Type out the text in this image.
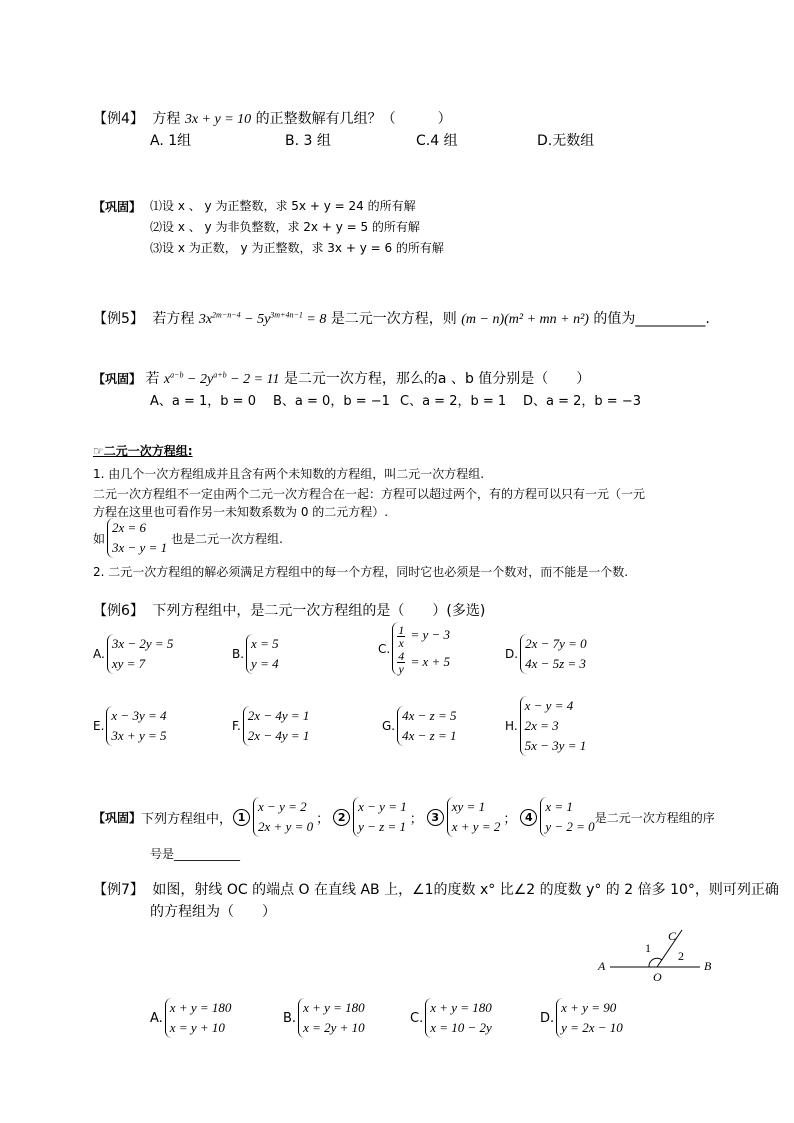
【例4】 方程 3x + y = 10 的正整数解有几组？（　　　）
A. 1组	B. 3 组	C.4 组	D.无数组
【巩固】 ⑴设 x 、 y 为正整数，求 5x + y = 24 的所有解
⑵设 x 、 y 为非负整数，求 2x + y = 5 的所有解
⑶设 x 为正数， y 为正整数，求 3x + y = 6 的所有解
【例5】 若方程 $3x^{2m-n-4} - 5y^{3m+4n-1} = 8$ 是二元一次方程，则 (m − n)(m² + mn + n²) 的值为__________.
【巩固】 若 $x^{a-b} - 2y^{a+b} - 2 = 11$ 是二元一次方程，那么的a 、b 值分别是（　　）
A、a = 1，b = 0 B、a = 0，b = −1 C、a = 2，b = 1 D、a = 2，b = −3
☞二元一次方程组:
1. 由几个一次方程组成并且含有两个未知数的方程组，叫二元一次方程组.
二元一次方程组不一定由两个二元一次方程合在一起：方程可以超过两个，有的方程可以只有一元（一元
方程在这里也可看作另一未知数系数为 0 的二元方程）.
如
2x = 6
3x − y = 1
也是二元一次方程组.
2. 二元一次方程组的解必须满足方程组中的每一个方程，同时它也必须是一个数对，而不能是一个数.
【例6】 下列方程组中，是二元一次方程组的是（　　）(多选)
A.
3x − 2y = 5
xy = 7
B.
x = 5
y = 4
C. $\frac{1}{x} = y - 3$
$\frac{4}{y} = x + 5$	D.
2x − 7y = 0
4x − 5z = 3
E.
x − 3y = 4
3x + y = 5
F.
2x − 4y = 1
2x − 4y = 1
G.
4x − z = 5
4x − z = 1
H.
x − y = 4
2x = 3
5x − 3y = 1
【巩固】 下列方程组中， 1
x − y = 2
2x + y = 0 ； 2
x − y = 1
y − z = 1 ； 3
xy = 1
x + y = 2 ； 4
x = 1
y − 2 = 0
是二元一次方程组的序
号是___________
【例7】 如图，射线 OC 的端点 O 在直线 AB 上，∠1的度数 x° 比∠2 的度数 y° 的 2 倍多 10°，则可列正确
的方程组为（　　）
A	B
O
C
1
2
A.
x + y = 180
x = y + 10
B.
x + y = 180
x = 2y + 10
C.
x + y = 180
x = 10 − 2y
D.
x + y = 90
y = 2x − 10
